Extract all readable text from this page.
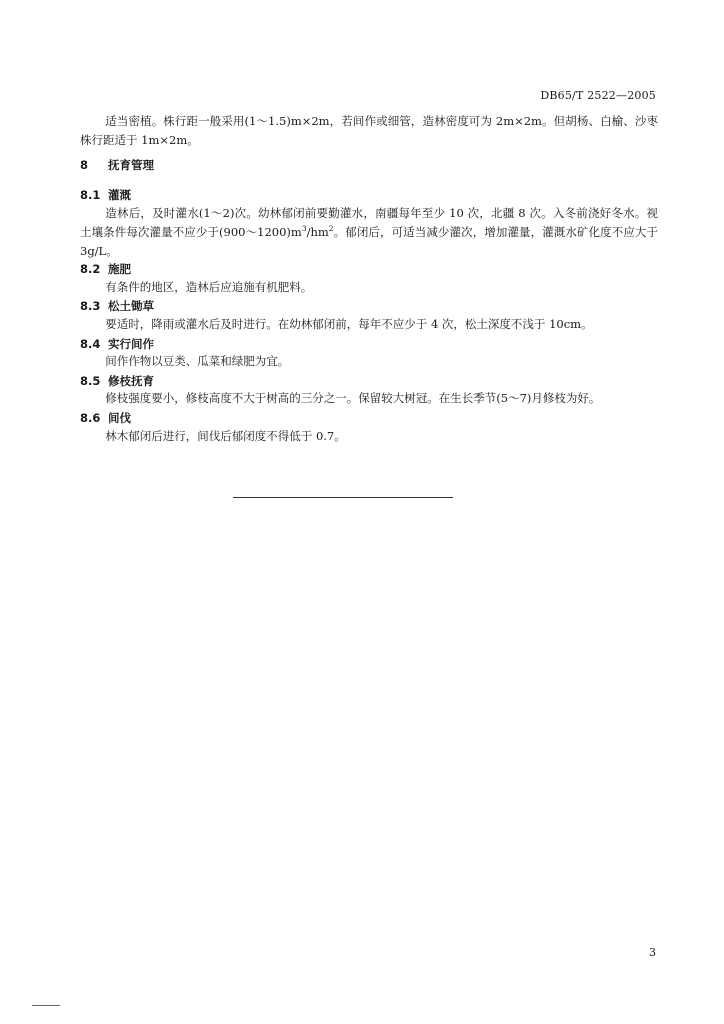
DB65/T 2522—2005

适当密植。株行距一般采用(1～1.5)m×2m，若间作或细管，造林密度可为 2m×2m。但胡杨、白榆、沙枣株行距适于 1m×2m。

8 抚育管理
8.1 灌溉

造林后，及时灌水(1～2)次。幼林郁闭前要勤灌水，南疆每年至少 10 次，北疆 8 次。入冬前浇好冬水。视土壤条件每次灌量不应少于$(900\sim 1200)m^3/hm^2$。郁闭后，可适当减少灌次，增加灌量，灌溉水矿化度不应大于 3g/L。

8.2 施肥

有条件的地区，造林后应追施有机肥料。

8.3 松土锄草

要适时，降雨或灌水后及时进行。在幼林郁闭前，每年不应少于 4 次，松土深度不浅于 10cm。

8.4 实行间作

间作作物以豆类、瓜菜和绿肥为宜。

8.5 修枝抚育

修枝强度要小，修枝高度不大于树高的三分之一。保留较大树冠。在生长季节(5～7)月修枝为好。

8.6 间伐

林木郁闭后进行，间伐后郁闭度不得低于 0.7。

3
